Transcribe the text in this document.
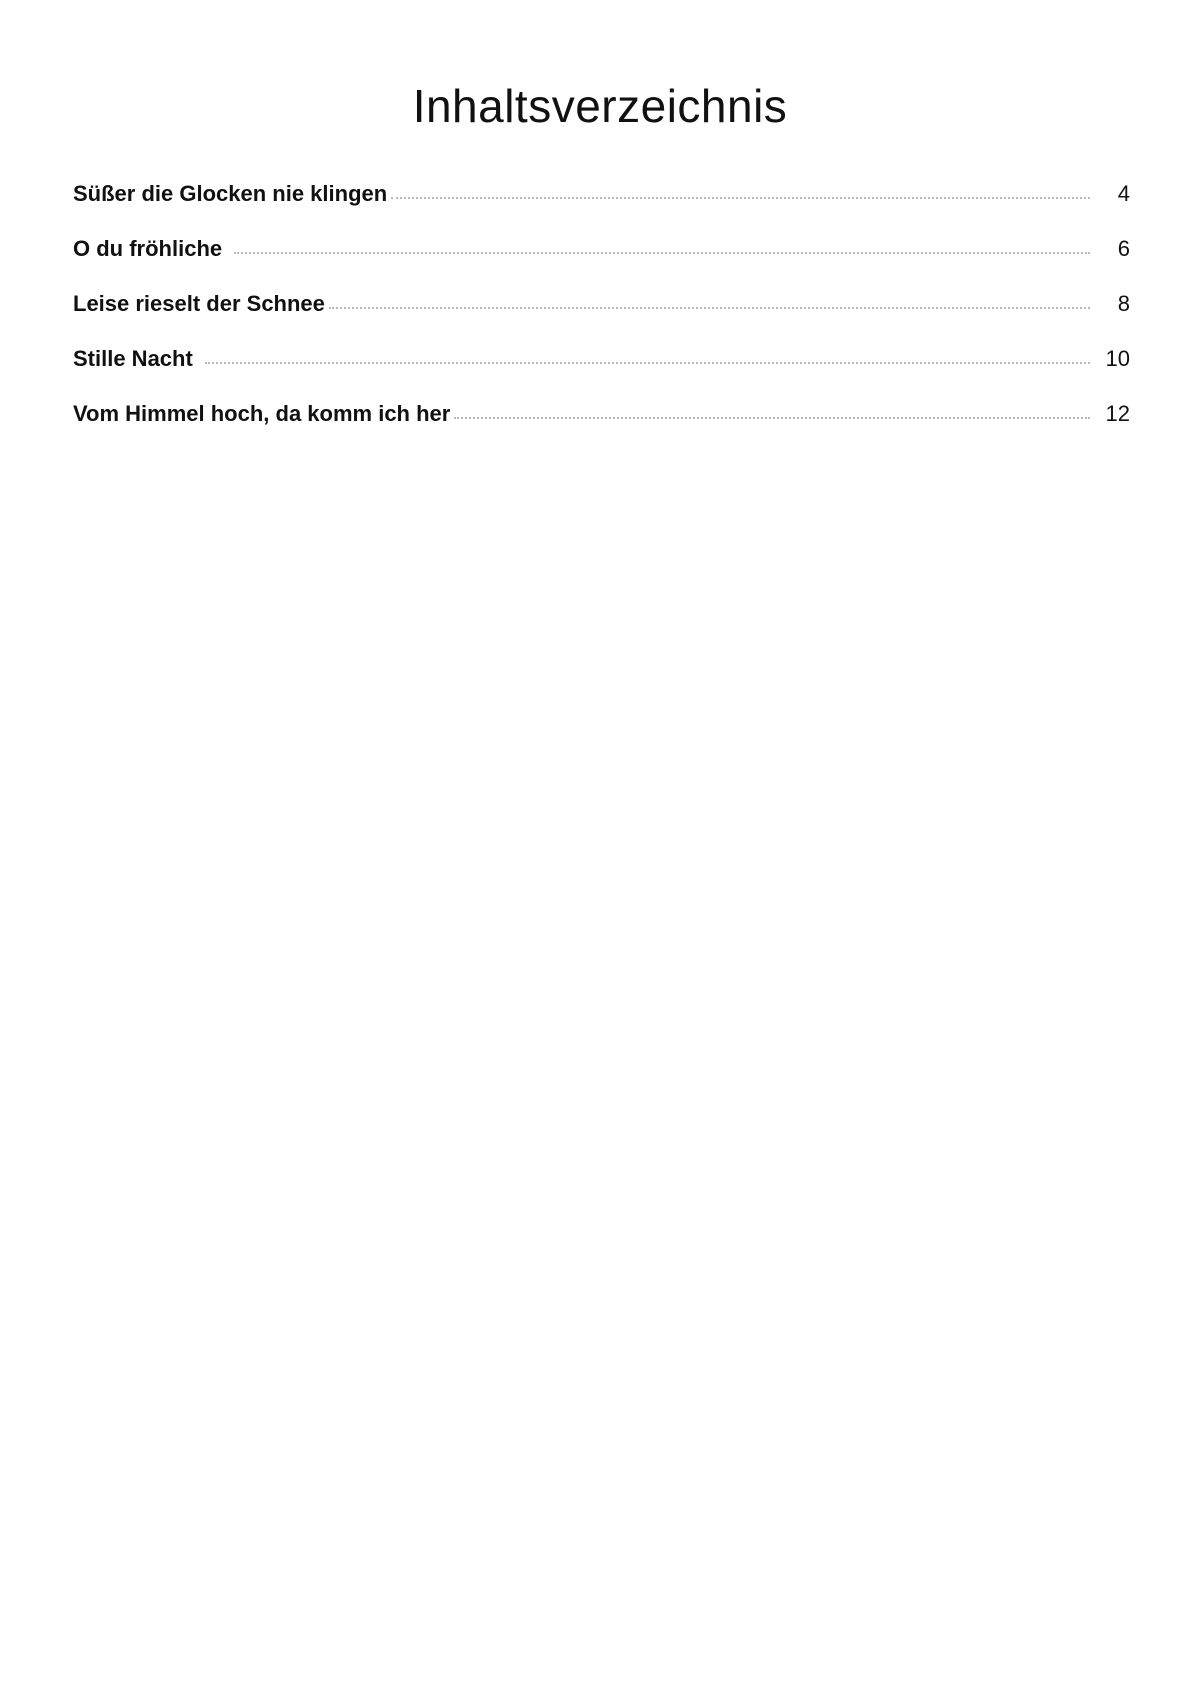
Inhaltsverzeichnis
Süßer die Glocken nie klingen	4
O du fröhliche	6
Leise rieselt der Schnee	8
Stille Nacht	10
Vom Himmel hoch, da komm ich her	12
